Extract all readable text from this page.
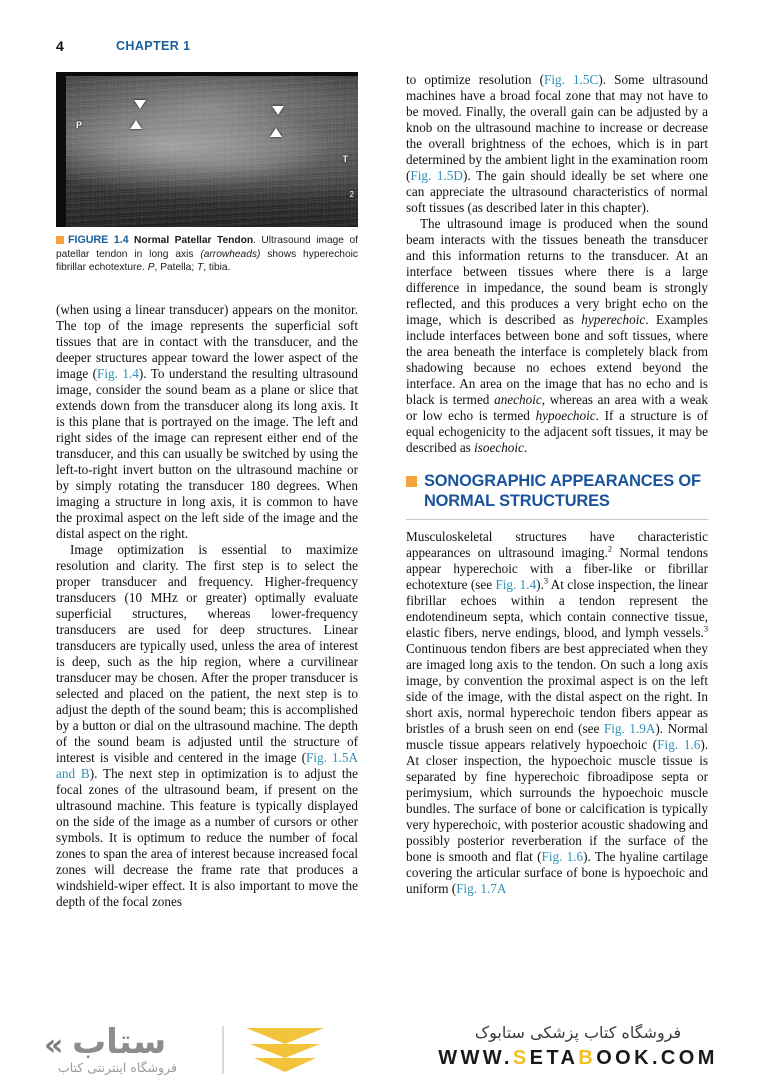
4	CHAPTER 1
P
T
2
FIGURE 1.4 Normal Patellar Tendon. Ultrasound image of patellar tendon in long axis (arrowheads) shows hyperechoic fibrillar echotexture. P, Patella; T, tibia.

(when using a linear transducer) appears on the monitor. The top of the image represents the superficial soft tissues that are in contact with the transducer, and the deeper structures appear toward the lower aspect of the image (Fig. 1.4). To understand the resulting ultrasound image, consider the sound beam as a plane or slice that extends down from the transducer along its long axis. It is this plane that is portrayed on the image. The left and right sides of the image can represent either end of the transducer, and this can usually be switched by using the left-to-right invert button on the ultrasound machine or by simply rotating the transducer 180 degrees. When imaging a structure in long axis, it is common to have the proximal aspect on the left side of the image and the distal aspect on the right.

Image optimization is essential to maximize resolution and clarity. The first step is to select the proper transducer and frequency. Higher-frequency transducers (10 MHz or greater) optimally evaluate superficial structures, whereas lower-frequency transducers are used for deep structures. Linear transducers are typically used, unless the area of interest is deep, such as the hip region, where a curvilinear transducer may be chosen. After the proper transducer is selected and placed on the patient, the next step is to adjust the depth of the sound beam; this is accomplished by a button or dial on the ultrasound machine. The depth of the sound beam is adjusted until the structure of interest is visible and centered in the image (Fig. 1.5A and B). The next step in optimization is to adjust the focal zones of the ultrasound beam, if present on the ultrasound machine. This feature is typically displayed on the side of the image as a number of cursors or other symbols. It is optimum to reduce the number of focal zones to span the area of interest because increased focal zones will decrease the frame rate that produces a windshield-wiper effect. It is also important to move the depth of the focal zones

to optimize resolution (Fig. 1.5C). Some ultrasound machines have a broad focal zone that may not have to be moved. Finally, the overall gain can be adjusted by a knob on the ultrasound machine to increase or decrease the overall brightness of the echoes, which is in part determined by the ambient light in the examination room (Fig. 1.5D). The gain should ideally be set where one can appreciate the ultrasound characteristics of normal soft tissues (as described later in this chapter).

The ultrasound image is produced when the sound beam interacts with the tissues beneath the transducer and this information returns to the transducer. At an interface between tissues where there is a large difference in impedance, the sound beam is strongly reflected, and this produces a very bright echo on the image, which is described as hyperechoic. Examples include interfaces between bone and soft tissues, where the area beneath the interface is completely black from shadowing because no echoes extend beyond the interface. An area on the image that has no echo and is black is termed anechoic, whereas an area with a weak or low echo is termed hypoechoic. If a structure is of equal echogenicity to the adjacent soft tissues, it may be described as isoechoic.

SONOGRAPHIC APPEARANCES OF NORMAL STRUCTURES

Musculoskeletal structures have characteristic appearances on ultrasound imaging.$^2$ Normal tendons appear hyperechoic with a fiber-like or fibrillar echotexture (see Fig. 1.4).$^3$ At close inspection, the linear fibrillar echoes within a tendon represent the endotendineum septa, which contain connective tissue, elastic fibers, nerve endings, blood, and lymph vessels.$^3$ Continuous tendon fibers are best appreciated when they are imaged long axis to the tendon. On such a long axis image, by convention the proximal aspect is on the left side of the image, with the distal aspect on the right. In short axis, normal hyperechoic tendon fibers appear as bristles of a brush seen on end (see Fig. 1.9A). Normal muscle tissue appears relatively hypoechoic (Fig. 1.6). At closer inspection, the hypoechoic muscle tissue is separated by fine hyperechoic fibroadipose septa or perimysium, which surrounds the hypoechoic muscle bundles. The surface of bone or calcification is typically very hyperechoic, with posterior acoustic shadowing and possibly posterior reverberation if the surface of the bone is smooth and flat (Fig. 1.6). The hyaline cartilage covering the articular surface of bone is hypoechoic and uniform (Fig. 1.7A

« ستاب
فروشگاه اینترنتی کتاب
فروشگاه کتاب پزشکی ستابوک
WWW.SETABOOK.COM
